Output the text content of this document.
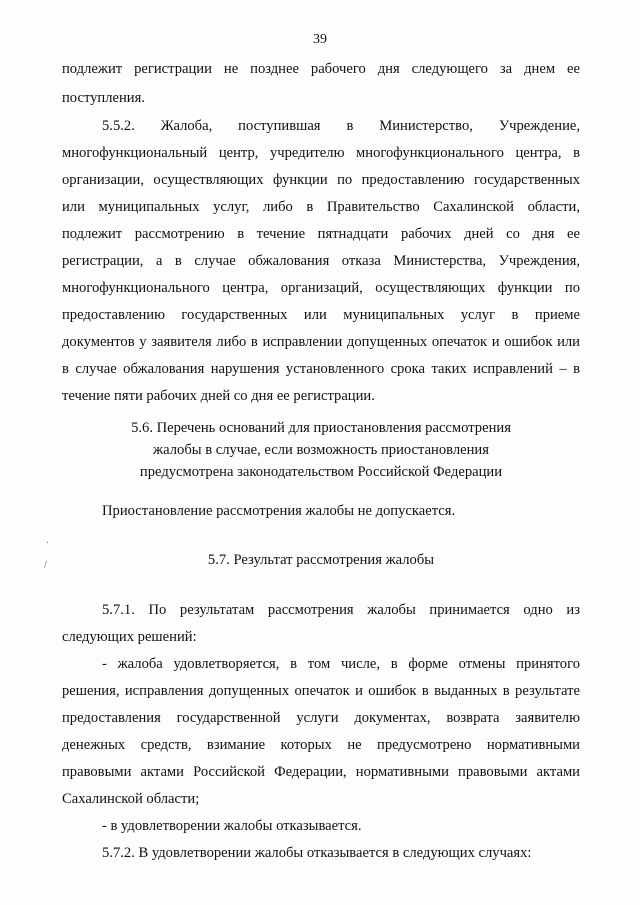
39
подлежит регистрации не позднее рабочего дня следующего за днем ее
поступления.
5.5.2. Жалоба, поступившая в Министерство, Учреждение,
многофункциональный центр, учредителю многофункционального центра, в
организации, осуществляющих функции по предоставлению государственных
или муниципальных услуг, либо в Правительство Сахалинской области,
подлежит рассмотрению в течение пятнадцати рабочих дней со дня ее
регистрации, а в случае обжалования отказа Министерства, Учреждения,
многофункционального центра, организаций, осуществляющих функции по
предоставлению государственных или муниципальных услуг в приеме
документов у заявителя либо в исправлении допущенных опечаток и ошибок или
в случае обжалования нарушения установленного срока таких исправлений – в
течение пяти рабочих дней со дня ее регистрации.
5.6. Перечень оснований для приостановления рассмотрения
жалобы в случае, если возможность приостановления
предусмотрена законодательством Российской Федерации
Приостановление рассмотрения жалобы не допускается.
5.7. Результат рассмотрения жалобы
5.7.1. По результатам рассмотрения жалобы принимается одно из
следующих решений:
- жалоба удовлетворяется, в том числе, в форме отмены принятого
решения, исправления допущенных опечаток и ошибок в выданных в результате
предоставления государственной услуги документах, возврата заявителю
денежных средств, взимание которых не предусмотрено нормативными
правовыми актами Российской Федерации, нормативными правовыми актами
Сахалинской области;
- в удовлетворении жалобы отказывается.
5.7.2. В удовлетворении жалобы отказывается в следующих случаях:
·
/
